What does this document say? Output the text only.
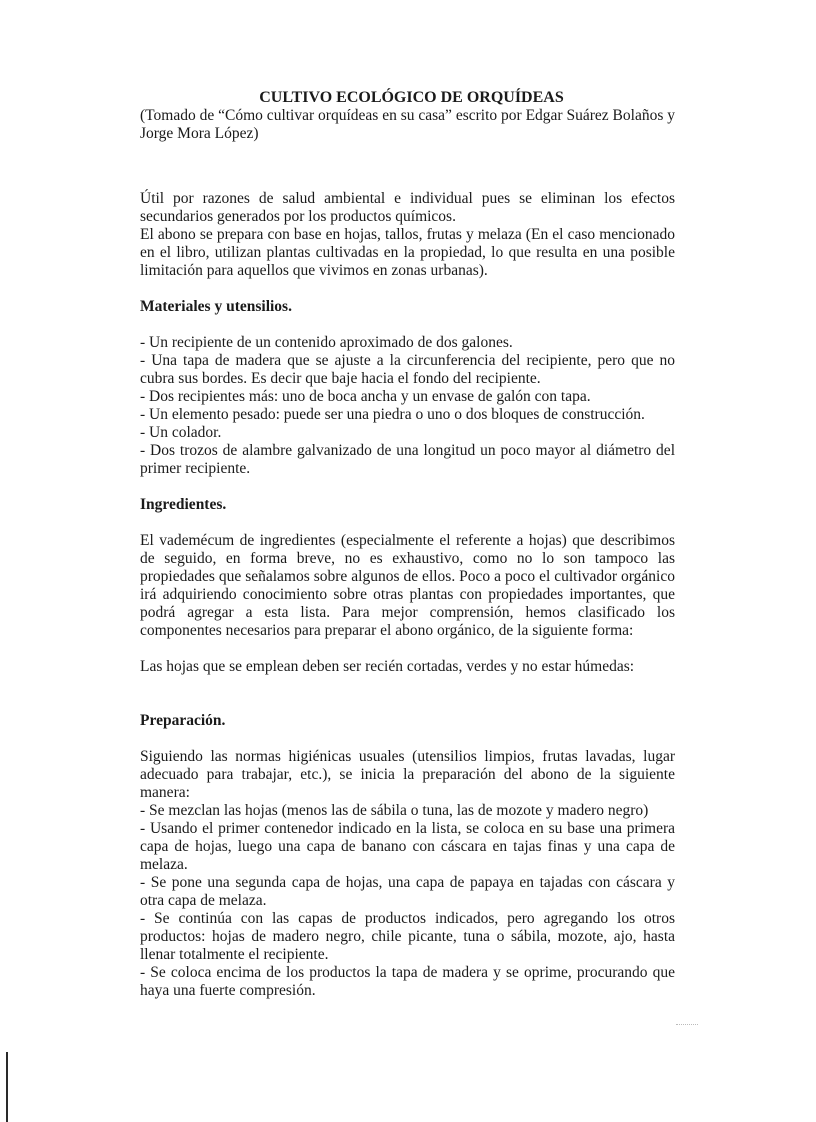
CULTIVO ECOLÓGICO DE ORQUÍDEAS

(Tomado de “Cómo cultivar orquídeas en su casa” escrito por Edgar Suárez Bolaños y Jorge Mora López)

Útil por razones de salud ambiental e individual pues se eliminan los efectos secundarios generados por los productos químicos.

El abono se prepara con base en hojas, tallos, frutas y melaza (En el caso mencionado en el libro, utilizan plantas cultivadas en la propiedad, lo que resulta en una posible limitación para aquellos que vivimos en zonas urbanas).

Materiales y utensilios.

- Un recipiente de un contenido aproximado de dos galones.

- Una tapa de madera que se ajuste a la circunferencia del recipiente, pero que no cubra sus bordes. Es decir que baje hacia el fondo del recipiente.

- Dos recipientes más: uno de boca ancha y un envase de galón con tapa.

- Un elemento pesado: puede ser una piedra o uno o dos bloques de construcción.

- Un colador.

- Dos trozos de alambre galvanizado de una longitud un poco mayor al diámetro del primer recipiente.

Ingredientes.

El vademécum de ingredientes (especialmente el referente a hojas) que describimos de seguido, en forma breve, no es exhaustivo, como no lo son tampoco las propiedades que señalamos sobre algunos de ellos. Poco a poco el cultivador orgánico irá adquiriendo conocimiento sobre otras plantas con propiedades importantes, que podrá agregar a esta lista. Para mejor comprensión, hemos clasificado los componentes necesarios para preparar el abono orgánico, de la siguiente forma:

Las hojas que se emplean deben ser recién cortadas, verdes y no estar húmedas:

Preparación.

Siguiendo las normas higiénicas usuales (utensilios limpios, frutas lavadas, lugar adecuado para trabajar, etc.), se inicia la preparación del abono de la siguiente manera:

- Se mezclan las hojas (menos las de sábila o tuna, las de mozote y madero negro)

- Usando el primer contenedor indicado en la lista, se coloca en su base una primera capa de hojas, luego una capa de banano con cáscara en tajas finas y una capa de melaza.

- Se pone una segunda capa de hojas, una capa de papaya en tajadas con cáscara y otra capa de melaza.

- Se continúa con las capas de productos indicados, pero agregando los otros productos: hojas de madero negro, chile picante, tuna o sábila, mozote, ajo, hasta llenar totalmente el recipiente.

- Se coloca encima de los productos la tapa de madera y se oprime, procurando que haya una fuerte compresión.
